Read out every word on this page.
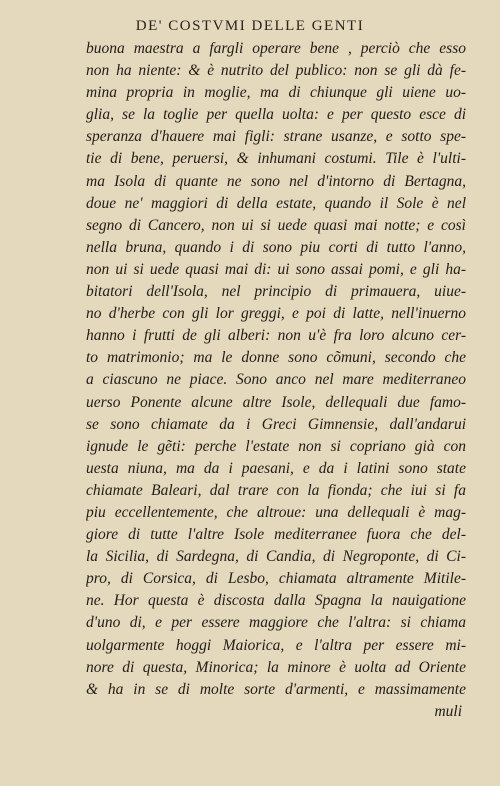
DE' COSTVMI DELLE GENTI
buona maestra a fargli operare bene , perciò che esso
non ha niente: & è nutrito del publico: non se gli dà fe-
mina propria in moglie, ma di chiunque gli uiene uo-
glia, se la toglie per quella uolta: e per questo esce di
speranza d'hauere mai figli: strane usanze, e sotto spe-
tie di bene, peruersi, & inhumani costumi. Tile è l'ulti-
ma Isola di quante ne sono nel d'intorno di Bertagna,
doue ne' maggiori di della estate, quando il Sole è nel
segno di Cancero, non ui si uede quasi mai notte; e così
nella bruna, quando i di sono piu corti di tutto l'anno,
non ui si uede quasi mai di: ui sono assai pomi, e gli ha-
bitatori dell'Isola, nel principio di primauera, uiue-
no d'herbe con gli lor greggi, e poi di latte, nell'inuerno
hanno i frutti de gli alberi: non u'è fra loro alcuno cer-
to matrimonio; ma le donne sono cõmuni, secondo che
a ciascuno ne piace. Sono anco nel mare mediterraneo
uerso Ponente alcune altre Isole, dellequali due famo-
se sono chiamate da i Greci Gimnensie, dall'andarui
ignude le gẽti: perche l'estate non si copriano già con
uesta niuna, ma da i paesani, e da i latini sono state
chiamate Baleari, dal trare con la fionda; che iui si fa
piu eccellentemente, che altroue: una dellequali è mag-
giore di tutte l'altre Isole mediterranee fuora che del-
la Sicilia, di Sardegna, di Candia, di Negroponte, di Ci-
pro, di Corsica, di Lesbo, chiamata altramente Mitile-
ne. Hor questa è discosta dalla Spagna la nauigatione
d'uno di, e per essere maggiore che l'altra: si chiama
uolgarmente hoggi Maiorica, e l'altra per essere mi-
nore di questa, Minorica; la minore è uolta ad Oriente
& ha in se di molte sorte d'armenti, e massimamente
muli
